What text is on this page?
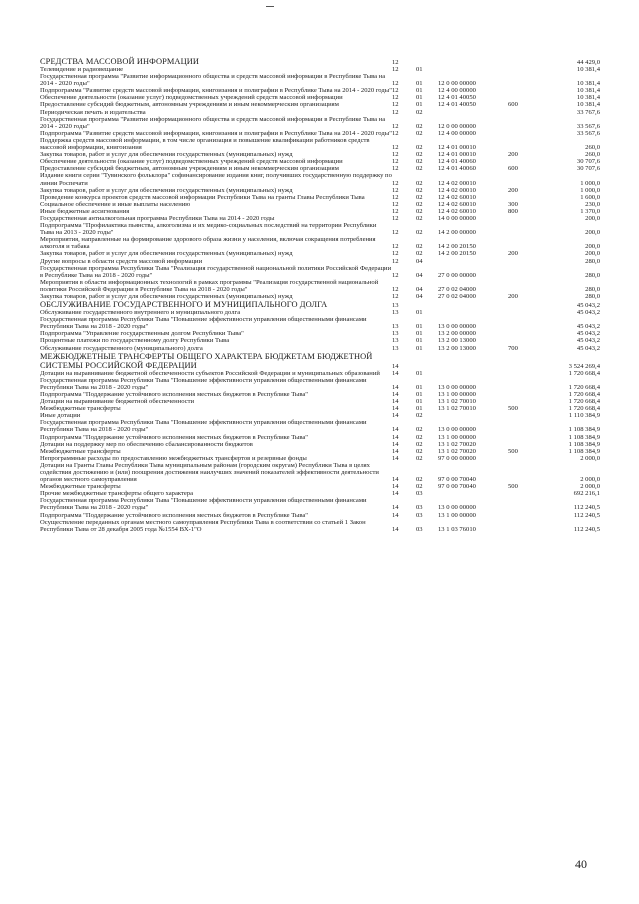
СРЕДСТВА МАССОВОЙ ИНФОРМАЦИИ	12				44 429,0
Телевидение и радиовещание	12	01			10 381,4
Государственная программа "Развитие информационного общества и средств массовой информации в Республике Тыва на 2014 - 2020 годы"	12	01	12 0 00 00000		10 381,4
Подпрограмма "Развитие средств массовой информации, книгоизания и полиграфии в Республике Тыва на 2014 - 2020 годы"	12	01	12 4 00 00000		10 381,4
Обеспечение деятельности (оказание услуг) подведомственных учреждений средств массовой информации	12	01	12 4 01 40050		10 381,4
Предоставление субсидий бюджетным, автономным учреждениям и иным некоммерческим организациям	12	01	12 4 01 40050	600	10 381,4
Периодическая печать и издательства	12	02			33 767,6
Государственная программа "Развитие информационного общества и средств массовой информации в Республике Тыва на 2014 - 2020 годы"	12	02	12 0 00 00000		33 567,6
Подпрограмма "Развитие средств массовой информации, книгоизания и полиграфии в Республике Тыва на 2014 - 2020 годы"	12	02	12 4 00 00000		33 567,6
Поддержка средств массовой информации, в том числе организация и повышение квалификации работников средств массовой информации, книгоизания	12	02	12 4 01 00010		260,0
Закупка товаров, работ и услуг для обеспечения государственных (муниципальных) нужд	12	02	12 4 01 00010	200	260,0
Обеспечение деятельности (оказание услуг) подведомственных учреждений средств массовой информации	12	02	12 4 01 40060		30 707,6
Предоставление субсидий бюджетным, автономным учреждениям и иным некоммерческим организациям	12	02	12 4 01 40060	600	30 707,6
Издание книги серии "Тувинского фольклора" софинансирование издания книг, получивших государственную поддержку по линии Роспечати	12	02	12 4 02 00010		1 000,0
Закупка товаров, работ и услуг для обеспечения государственных (муниципальных) нужд	12	02	12 4 02 00010	200	1 000,0
Проведение конкурса проектов средств массовой информации Республики Тыва на гранты Главы Республики Тыва	12	02	12 4 02 60010		1 600,0
Социальное обеспечение и иные выплаты населению	12	02	12 4 02 60010	300	230,0
Иные бюджетные ассигнования	12	02	12 4 02 60010	800	1 370,0
Государственная антиалкогольная программа Республики Тыва на 2014 - 2020 годы	12	02	14 0 00 00000		200,0
Подпрограмма "Профилактика пьянства, алкоголизма и их медико-социальных последствий на территории Республики Тыва на 2013 - 2020 годы"	12	02	14 2 00 00000		200,0
Мероприятия, направленные на формирование здорового образа жизни у населения, включая сокращения потребления алкоголя и табака	12	02	14 2 00 20150		200,0
Закупка товаров, работ и услуг для обеспечения государственных (муниципальных) нужд	12	02	14 2 00 20150	200	200,0
Другие вопросы в области средств массовой информации	12	04			280,0
Государственная программа Республики Тыва "Реализация государственной национальной политики Российской Федерации в Республике Тыва на 2018 - 2020 годы"	12	04	27 0 00 00000		280,0
Мероприятия в области информационных технологий в рамках программы "Реализация государственной национальной политики Российской Федерации в Республике Тыва на 2018 - 2020 годы"	12	04	27 0 02 04000		280,0
Закупка товаров, работ и услуг для обеспечения государственных (муниципальных) нужд	12	04	27 0 02 04000	200	280,0
ОБСЛУЖИВАНИЕ ГОСУДАРСТВЕННОГО И МУНИЦИПАЛЬНОГО ДОЛГА	13				45 043,2
Обслуживание государственного внутреннего и муниципального долга	13	01			45 043,2
Государственная программа Республики Тыва "Повышение эффективности управления общественными финансами Республики Тыва на 2018 - 2020 годы"	13	01	13 0 00 00000		45 043,2
Подпрограмма "Управление государственным долгом Республики Тыва"	13	01	13 2 00 00000		45 043,2
Процентные платежи по государственному долгу Республики Тыва	13	01	13 2 00 13000		45 043,2
Обслуживание государственного (муниципального) долга	13	01	13 2 00 13000	700	45 043,2
МЕЖБЮДЖЕТНЫЕ ТРАНСФЕРТЫ ОБЩЕГО ХАРАКТЕРА БЮДЖЕТАМ БЮДЖЕТНОЙ СИСТЕМЫ РОССИЙСКОЙ ФЕДЕРАЦИИ	14				3 524 269,4
Дотации на выравнивание бюджетной обеспеченности субъектов Российской Федерации и муниципальных образований	14	01			1 720 668,4
Государственная программа Республики Тыва "Повышение эффективности управления общественными финансами Республики Тыва на 2018 - 2020 годы"	14	01	13 0 00 00000		1 720 668,4
Подпрограмма "Поддержание устойчивого исполнения местных бюджетов в Республике Тыва"	14	01	13 1 00 00000		1 720 668,4
Дотации на выравнивание бюджетной обеспеченности	14	01	13 1 02 70010		1 720 668,4
Межбюджетные трансферты	14	01	13 1 02 70010	500	1 720 668,4
Иные дотации	14	02			1 110 384,9
Государственная программа Республики Тыва "Повышение эффективности управления общественными финансами Республики Тыва на 2018 - 2020 годы"	14	02	13 0 00 00000		1 108 384,9
Подпрограмма "Поддержание устойчивого исполнения местных бюджетов в Республике Тыва"	14	02	13 1 00 00000		1 108 384,9
Дотации на поддержку мер по обеспечению сбалансированности бюджетов	14	02	13 1 02 70020		1 108 384,9
Межбюджетные трансферты	14	02	13 1 02 70020	500	1 108 384,9
Непрограммные расходы по предоставлению межбюджетных трансфертов и резервные фонды	14	02	97 0 00 00000		2 000,0
Дотации на Гранты Главы Республики Тыва муниципальным районам (городским округам) Республики Тыва в целях содействия достижению и (или) поощрения достижения наилучших значений показателей эффективности деятельности органов местного самоуправления	14	02	97 0 00 70040		2 000,0
Межбюджетные трансферты	14	02	97 0 00 70040	500	2 000,0
Прочие межбюджетные трансферты общего характера	14	03			692 216,1
Государственная программа Республики Тыва "Повышение эффективности управления общественными финансами Республики Тыва на 2018 - 2020 годы"	14	03	13 0 00 00000		112 240,5
Подпрограмма "Поддержание устойчивого исполнения местных бюджетов в Республике Тыва"	14	03	13 1 00 00000		112 240,5
Осуществление переданных органам местного самоуправления Республики Тыва в соответствии со статьей 1 Закон Республики Тыва от 28 декабря 2005 года №1554 ВХ-1"О	14	03	13 1 03 76010		112 240,5
40
